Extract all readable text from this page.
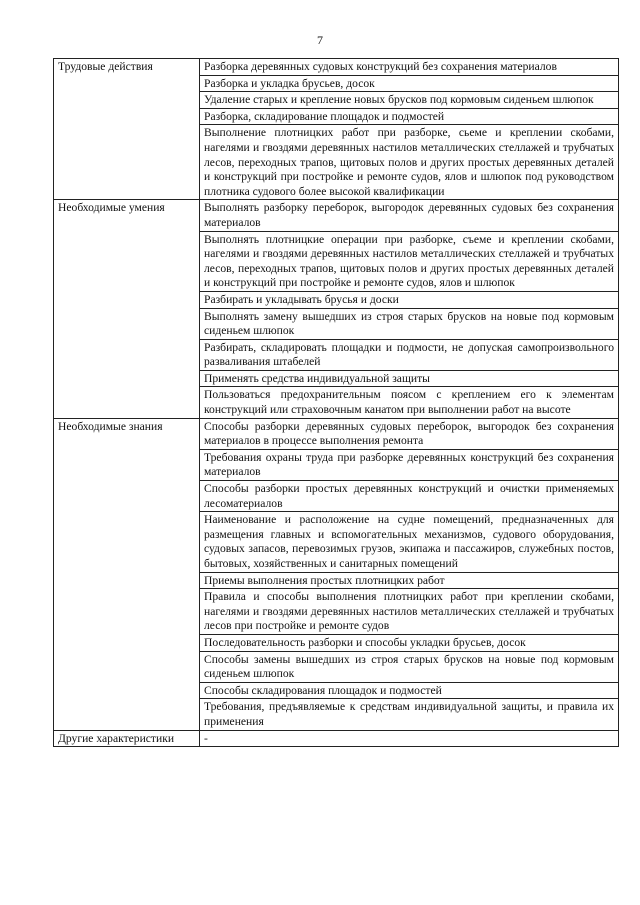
7
Трудовые действия	Разборка деревянных судовых конструкций без сохранения материалов
	Разборка и укладка брусьев, досок
	Удаление старых и крепление новых брусков под кормовым сиденьем шлюпок
	Разборка, складирование площадок и подмостей
	Выполнение плотницких работ при разборке, сьеме и креплении скобами, нагелями и гвоздями деревянных настилов металлических стеллажей и трубчатых лесов, переходных трапов, щитовых полов и других простых деревянных деталей и конструкций при постройке и ремонте судов, ялов и шлюпок под руководством плотника судового более высокой квалификации
Необходимые умения	Выполнять разборку переборок, выгородок деревянных судовых без сохранения материалов
	Выполнять плотницкие операции при разборке, съеме и креплении скобами, нагелями и гвоздями деревянных настилов металлических стеллажей и трубчатых лесов, переходных трапов, щитовых полов и других простых деревянных деталей и конструкций при постройке и ремонте судов, ялов и шлюпок
	Разбирать и укладывать брусья и доски
	Выполнять замену вышедших из строя старых брусков на новые под кормовым сиденьем шлюпок
	Разбирать, складировать площадки и подмости, не допуская самопроизвольного разваливания штабелей
	Применять средства индивидуальной защиты
	Пользоваться предохранительным поясом с креплением его к элементам конструкций или страховочным канатом при выполнении работ на высоте
Необходимые знания	Способы разборки деревянных судовых переборок, выгородок без сохранения материалов в процессе выполнения ремонта
	Требования охраны труда при разборке деревянных конструкций без сохранения материалов
	Способы разборки простых деревянных конструкций и очистки применяемых лесоматериалов
	Наименование и расположение на судне помещений, предназначенных для размещения главных и вспомогательных механизмов, судового оборудования, судовых запасов, перевозимых грузов, экипажа и пассажиров, служебных постов, бытовых, хозяйственных и санитарных помещений
	Приемы выполнения простых плотницких работ
	Правила и способы выполнения плотницких работ при креплении скобами, нагелями и гвоздями деревянных настилов металлических стеллажей и трубчатых лесов при постройке и ремонте судов
	Последовательность разборки и способы укладки брусьев, досок
	Способы замены вышедших из строя старых брусков на новые под кормовым сиденьем шлюпок
	Способы складирования площадок и подмостей
	Требования, предъявляемые к средствам индивидуальной защиты, и правила их применения
Другие характеристики	-
